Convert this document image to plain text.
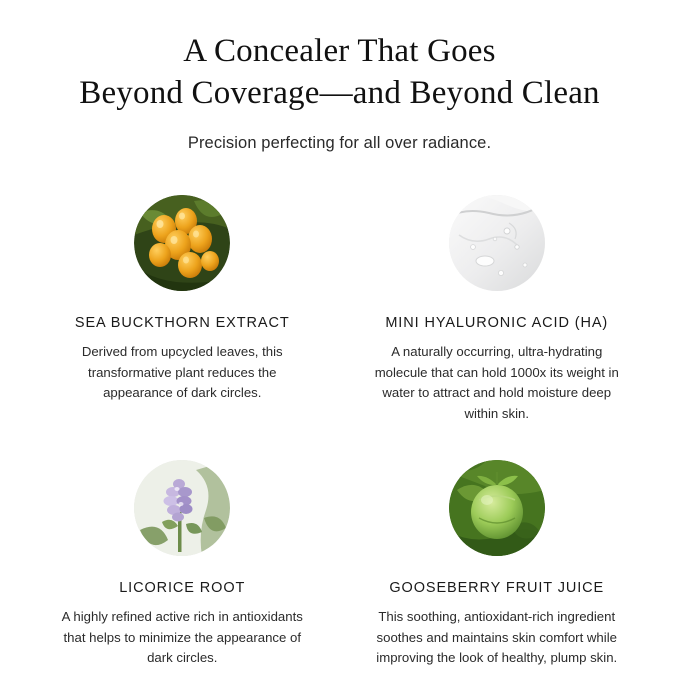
A Concealer That Goes
Beyond Coverage—and Beyond Clean
Precision perfecting for all over radiance.
SEA BUCKTHORN EXTRACT
Derived from upcycled leaves, this transformative plant reduces the appearance of dark circles.
MINI HYALURONIC ACID (HA)
A naturally occurring, ultra-hydrating molecule that can hold 1000x its weight in water to attract and hold moisture deep within skin.
LICORICE ROOT
A highly refined active rich in antioxidants that helps to minimize the appearance of dark circles.
GOOSEBERRY FRUIT JUICE
This soothing, antioxidant-rich ingredient soothes and maintains skin comfort while improving the look of healthy, plump skin.
